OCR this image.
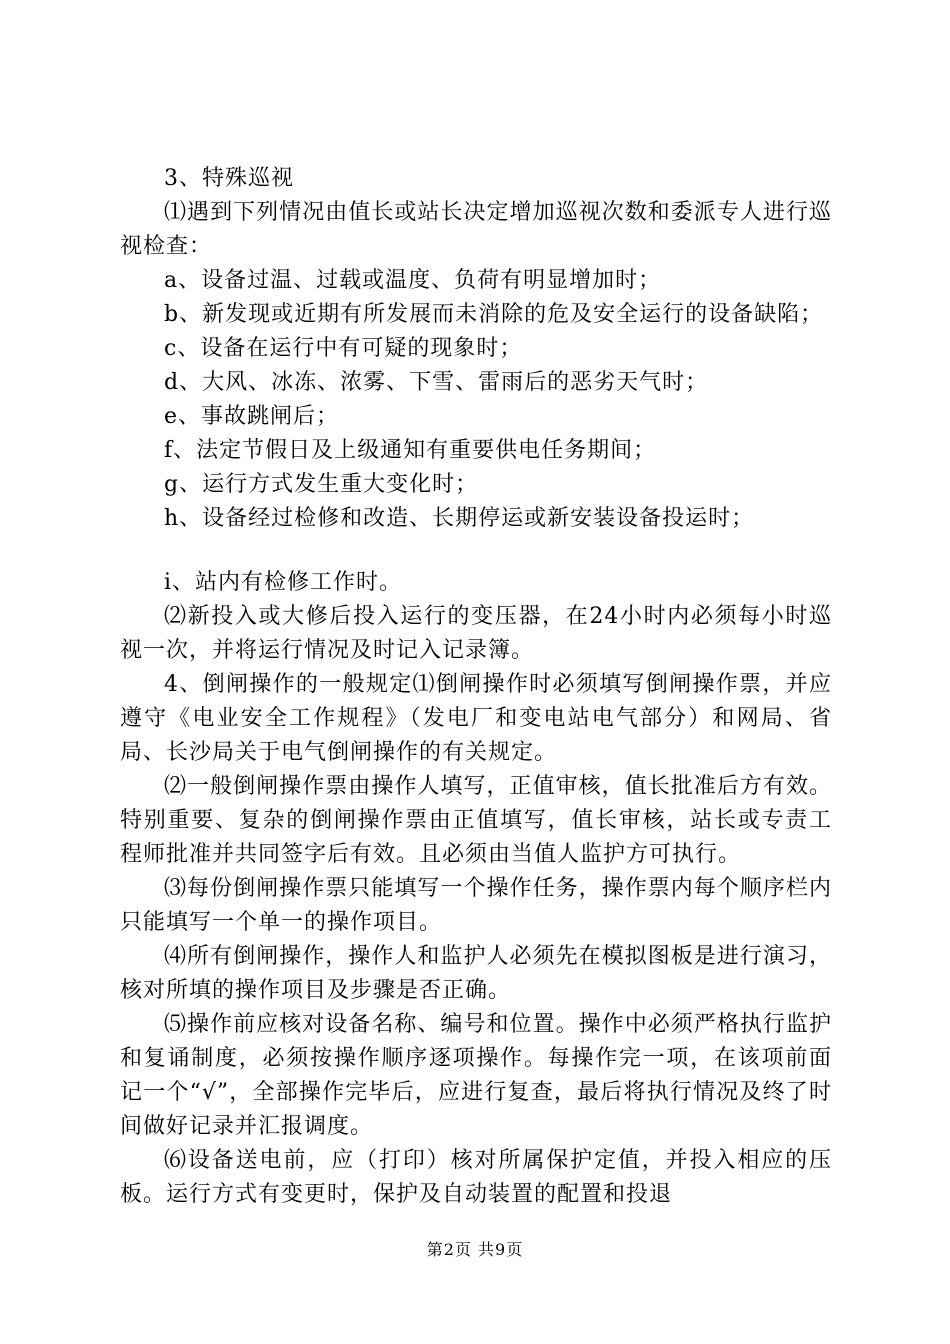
3、特殊巡视

⑴遇到下列情况由值长或站长决定增加巡视次数和委派专人进行巡视检查：

a、设备过温、过载或温度、负荷有明显增加时；

b、新发现或近期有所发展而未消除的危及安全运行的设备缺陷；

c、设备在运行中有可疑的现象时；

d、大风、冰冻、浓雾、下雪、雷雨后的恶劣天气时；

e、事故跳闸后；

f、法定节假日及上级通知有重要供电任务期间；

g、运行方式发生重大变化时；

h、设备经过检修和改造、长期停运或新安装设备投运时；

i、站内有检修工作时。

⑵新投入或大修后投入运行的变压器，在24小时内必须每小时巡视一次，并将运行情况及时记入记录簿。

4、倒闸操作的一般规定⑴倒闸操作时必须填写倒闸操作票，并应遵守《电业安全工作规程》（发电厂和变电站电气部分）和网局、省局、长沙局关于电气倒闸操作的有关规定。

⑵一般倒闸操作票由操作人填写，正值审核，值长批准后方有效。特别重要、复杂的倒闸操作票由正值填写，值长审核，站长或专责工程师批准并共同签字后有效。且必须由当值人监护方可执行。

⑶每份倒闸操作票只能填写一个操作任务，操作票内每个顺序栏内只能填写一个单一的操作项目。

⑷所有倒闸操作，操作人和监护人必须先在模拟图板是进行演习，核对所填的操作项目及步骤是否正确。

⑸操作前应核对设备名称、编号和位置。操作中必须严格执行监护和复诵制度，必须按操作顺序逐项操作。每操作完一项，在该项前面记一个“√”，全部操作完毕后，应进行复查，最后将执行情况及终了时间做好记录并汇报调度。

⑹设备送电前，应（打印）核对所属保护定值，并投入相应的压板。运行方式有变更时，保护及自动装置的配置和投退

第2页 共9页
